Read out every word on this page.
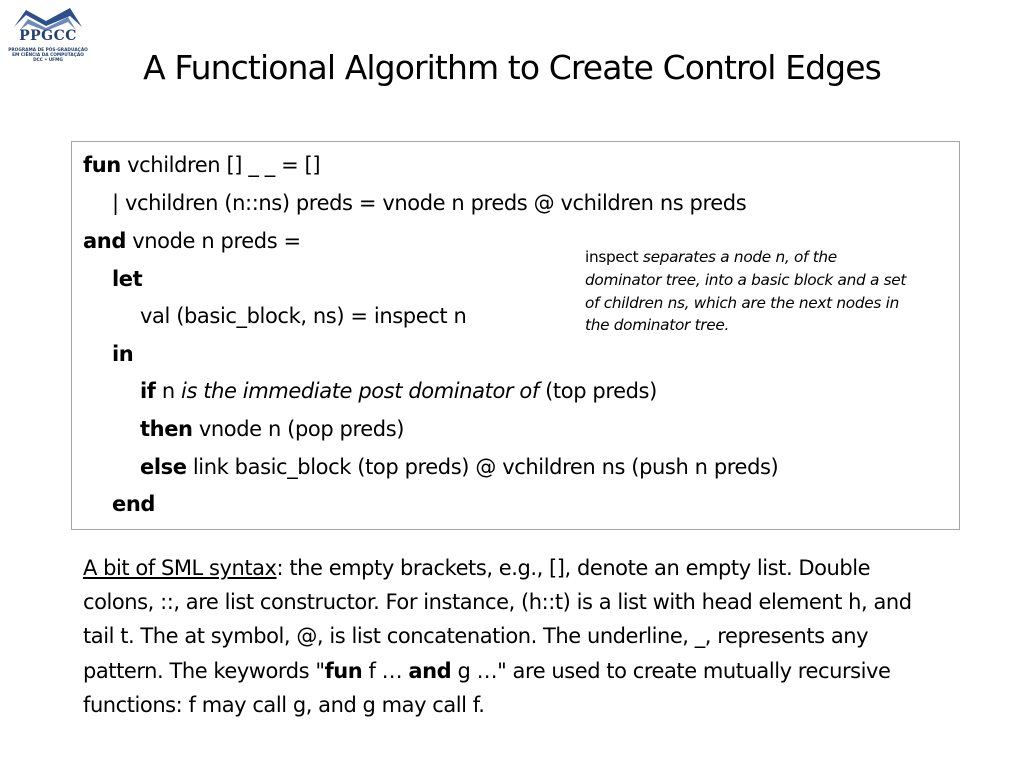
PPGCC
PROGRAMA DE PÓS-GRADUAÇÃO
EM CIÊNCIA DA COMPUTAÇÃO
DCC • UFMG	A Functional Algorithm to Create Control Edges
fun vchildren [] _ _ = []
| vchildren (n::ns) preds = vnode n preds @ vchildren ns preds
and vnode n preds =
let
val (basic_block, ns) = inspect n
in
if n is the immediate post dominator of (top preds)
then vnode n (pop preds)
else link basic_block (top preds) @ vchildren ns (push n preds)
end
inspect separates a node n, of the dominator tree, into a basic block and a set of children ns, which are the next nodes in the dominator tree.
A bit of SML syntax: the empty brackets, e.g., [], denote an empty list. Double colons, ::, are list constructor. For instance, (h::t) is a list with head element h, and tail t. The at symbol, @, is list concatenation. The underline, _, represents any pattern. The keywords "fun f … and g …" are used to create mutually recursive functions: f may call g, and g may call f.
